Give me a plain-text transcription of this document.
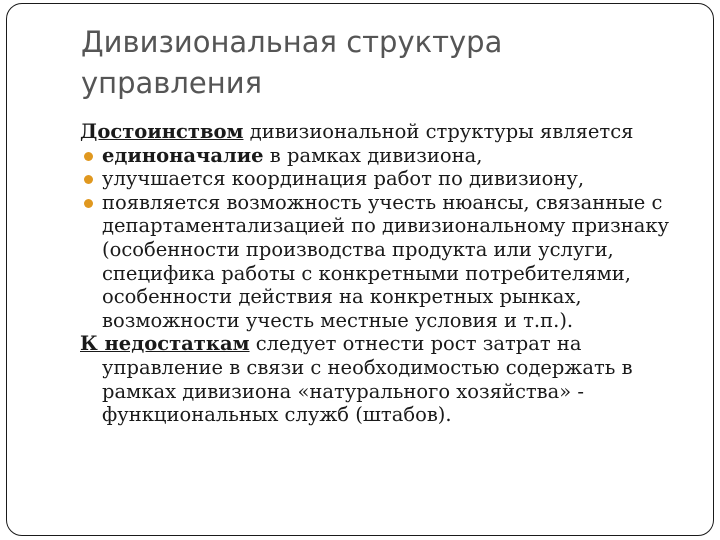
Дивизиональная структура управления

Достоинством дивизиональной структуры является

единоначалие в рамках дивизиона,
улучшается координация работ по дивизиону,
появляется возможность учесть нюансы, связанные с департаментализацией по дивизиональному признаку (особенности производства продукта или услуги, специфика работы с конкретными потребителями, особенности действия на конкретных рынках, возможности учесть местные условия и т.п.).

К недостаткам следует отнести рост затрат на управление в связи с необходимостью содержать в рамках дивизиона «натурального хозяйства» - функциональных служб (штабов).
